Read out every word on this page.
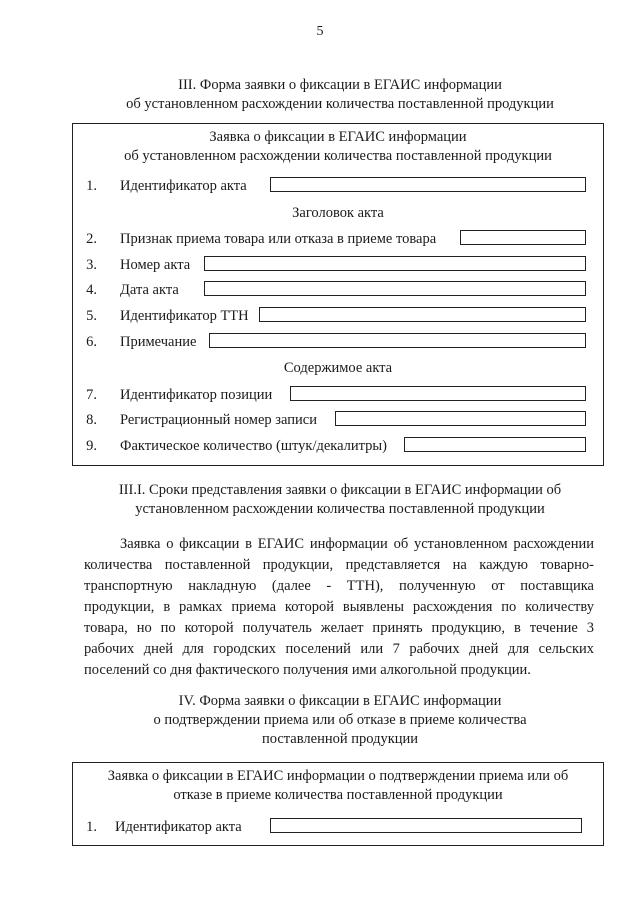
5
III. Форма заявки о фиксации в ЕГАИС информации
об установленном расхождении количества поставленной продукции
Заявка о фиксации в ЕГАИС информации
об установленном расхождении количества поставленной продукции
1. Идентификатор акта
Заголовок акта
2. Признак приема товара или отказа в приеме товара
3. Номер акта
4. Дата акта
5. Идентификатор ТТН
6. Примечание
Содержимое акта
7. Идентификатор позиции
8. Регистрационный номер записи
9. Фактическое количество (штук/декалитры)
III.I. Сроки представления заявки о фиксации в ЕГАИС информации об
установленном расхождении количества поставленной продукции
Заявка о фиксации в ЕГАИС информации об установленном расхождении
количества поставленной продукции, представляется на каждую товарно-
транспортную накладную (далее - ТТН), полученную от поставщика
продукции, в рамках приема которой выявлены расхождения по количеству
товара, но по которой получатель желает принять продукцию, в течение 3
рабочих дней для городских поселений или 7 рабочих дней для сельских
поселений со дня фактического получения ими алкогольной продукции.
IV. Форма заявки о фиксации в ЕГАИС информации
о подтверждении приема или об отказе в приеме количества
поставленной продукции
Заявка о фиксации в ЕГАИС информации о подтверждении приема или об
отказе в приеме количества поставленной продукции
1. Идентификатор акта
